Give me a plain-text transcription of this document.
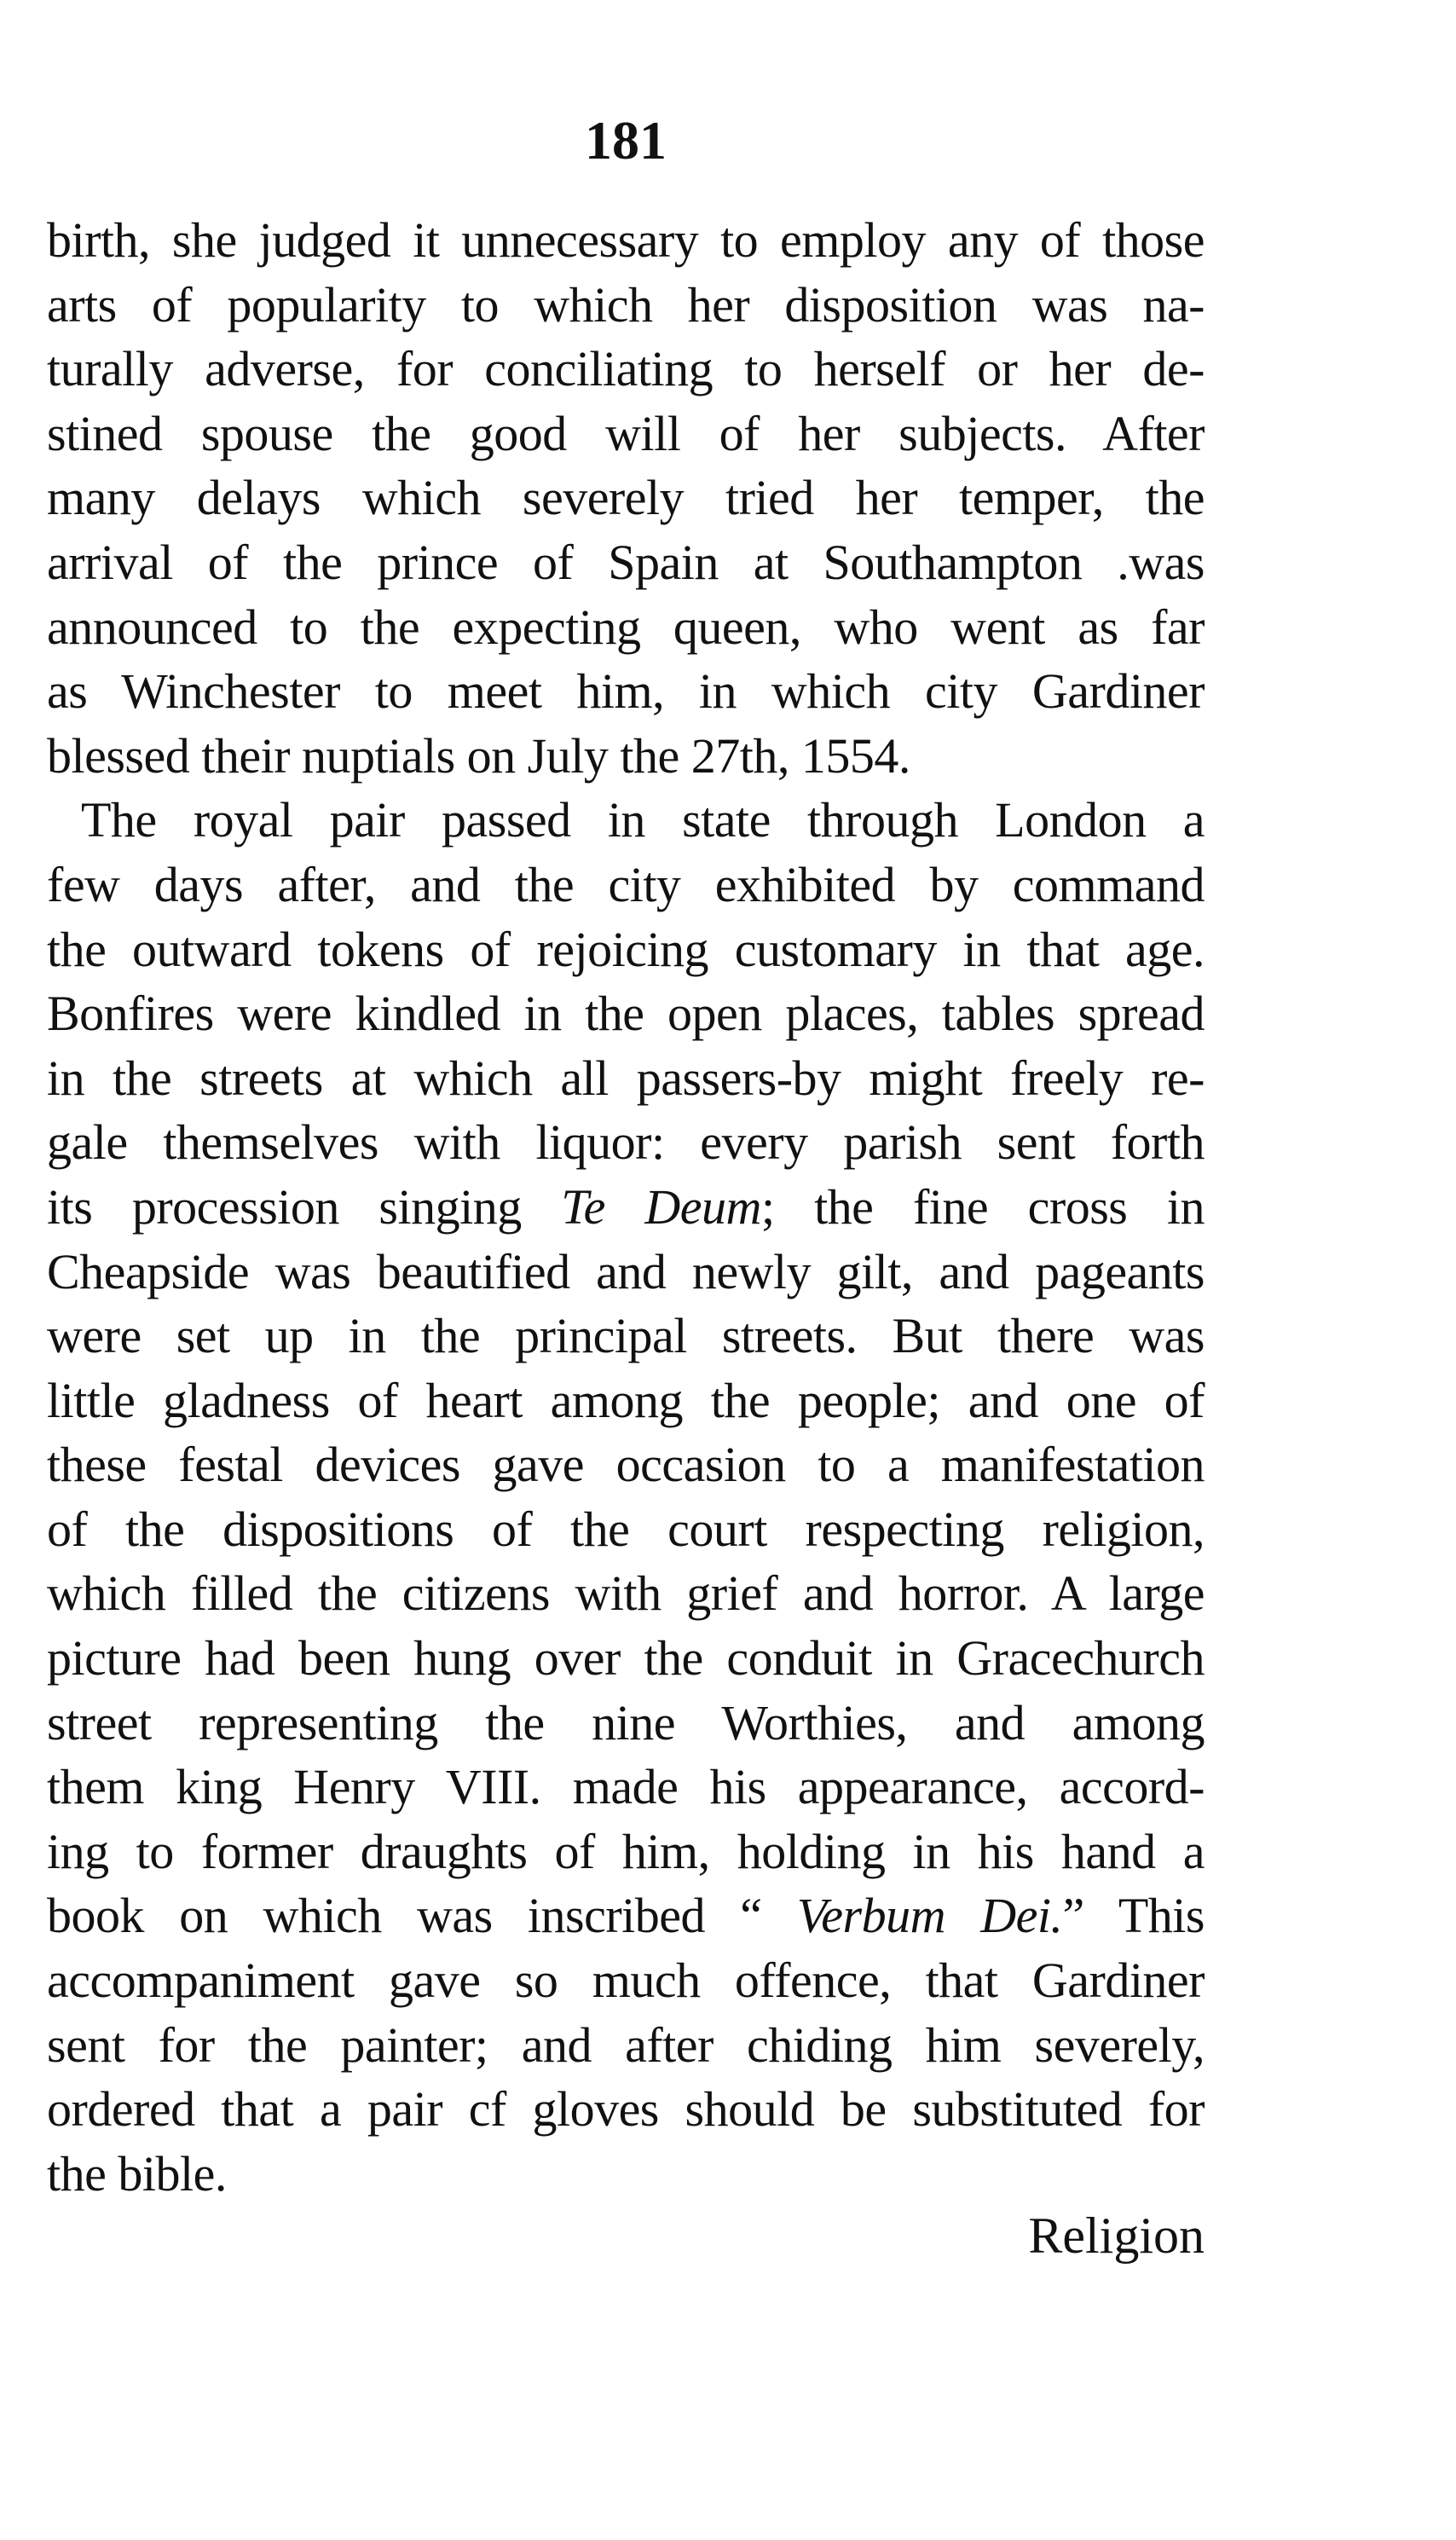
181
birth, she judged it unnecessary to employ any of those
arts of popularity to which her disposition was na-
turally adverse, for conciliating to herself or her de-
stined spouse the good will of her subjects. After
many delays which severely tried her temper, the
arrival of the prince of Spain at Southampton .was
announced to the expecting queen, who went as far
as Winchester to meet him, in which city Gardiner
blessed their nuptials on July the 27th, 1554.
The royal pair passed in state through London a
few days after, and the city exhibited by command
the outward tokens of rejoicing customary in that age.
Bonfires were kindled in the open places, tables spread
in the streets at which all passers-by might freely re-
gale themselves with liquor: every parish sent forth
its procession singing Te Deum; the fine cross in
Cheapside was beautified and newly gilt, and pageants
were set up in the principal streets. But there was
little gladness of heart among the people; and one of
these festal devices gave occasion to a manifestation
of the dispositions of the court respecting religion,
which filled the citizens with grief and horror. A large
picture had been hung over the conduit in Gracechurch
street representing the nine Worthies, and among
them king Henry VIII. made his appearance, accord-
ing to former draughts of him, holding in his hand a
book on which was inscribed “ Verbum Dei.” This
accompaniment gave so much offence, that Gardiner
sent for the painter; and after chiding him severely,
ordered that a pair cf gloves should be substituted for
the bible.
Religion
